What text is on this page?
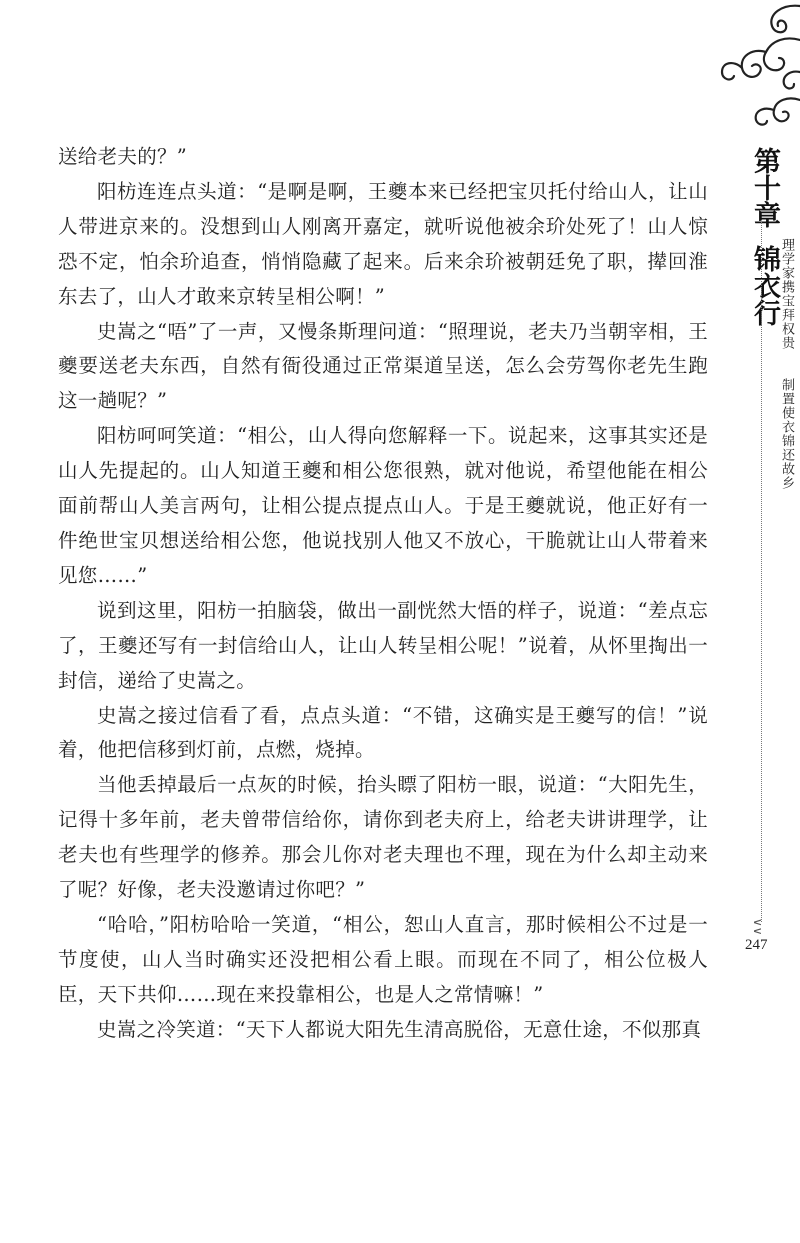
第十章
锦衣行 理学家携宝拜权贵
制置使衣锦还故乡
∨∨
247

送给老夫的？”

阳枋连连点头道：“是啊是啊，王夔本来已经把宝贝托付给山人，让山人带进京来的。没想到山人刚离开嘉定，就听说他被余玠处死了！山人惊恐不定，怕余玠追查，悄悄隐藏了起来。后来余玠被朝廷免了职，撵回淮东去了，山人才敢来京转呈相公啊！”

史嵩之“唔”了一声，又慢条斯理问道：“照理说，老夫乃当朝宰相，王夔要送老夫东西，自然有衙役通过正常渠道呈送，怎么会劳驾你老先生跑这一趟呢？”

阳枋呵呵笑道：“相公，山人得向您解释一下。说起来，这事其实还是山人先提起的。山人知道王夔和相公您很熟，就对他说，希望他能在相公面前帮山人美言两句，让相公提点提点山人。于是王夔就说，他正好有一件绝世宝贝想送给相公您，他说找别人他又不放心，干脆就让山人带着来见您……”

说到这里，阳枋一拍脑袋，做出一副恍然大悟的样子，说道：“差点忘了，王夔还写有一封信给山人，让山人转呈相公呢！”说着，从怀里掏出一封信，递给了史嵩之。

史嵩之接过信看了看，点点头道：“不错，这确实是王夔写的信！”说着，他把信移到灯前，点燃，烧掉。

当他丢掉最后一点灰的时候，抬头瞟了阳枋一眼，说道：“大阳先生，记得十多年前，老夫曾带信给你，请你到老夫府上，给老夫讲讲理学，让老夫也有些理学的修养。那会儿你对老夫理也不理，现在为什么却主动来了呢？好像，老夫没邀请过你吧？”

“哈哈，”阳枋哈哈一笑道，“相公，恕山人直言，那时候相公不过是一节度使，山人当时确实还没把相公看上眼。而现在不同了，相公位极人臣，天下共仰……现在来投靠相公，也是人之常情嘛！”

史嵩之冷笑道：“天下人都说大阳先生清高脱俗，无意仕途，不似那真
